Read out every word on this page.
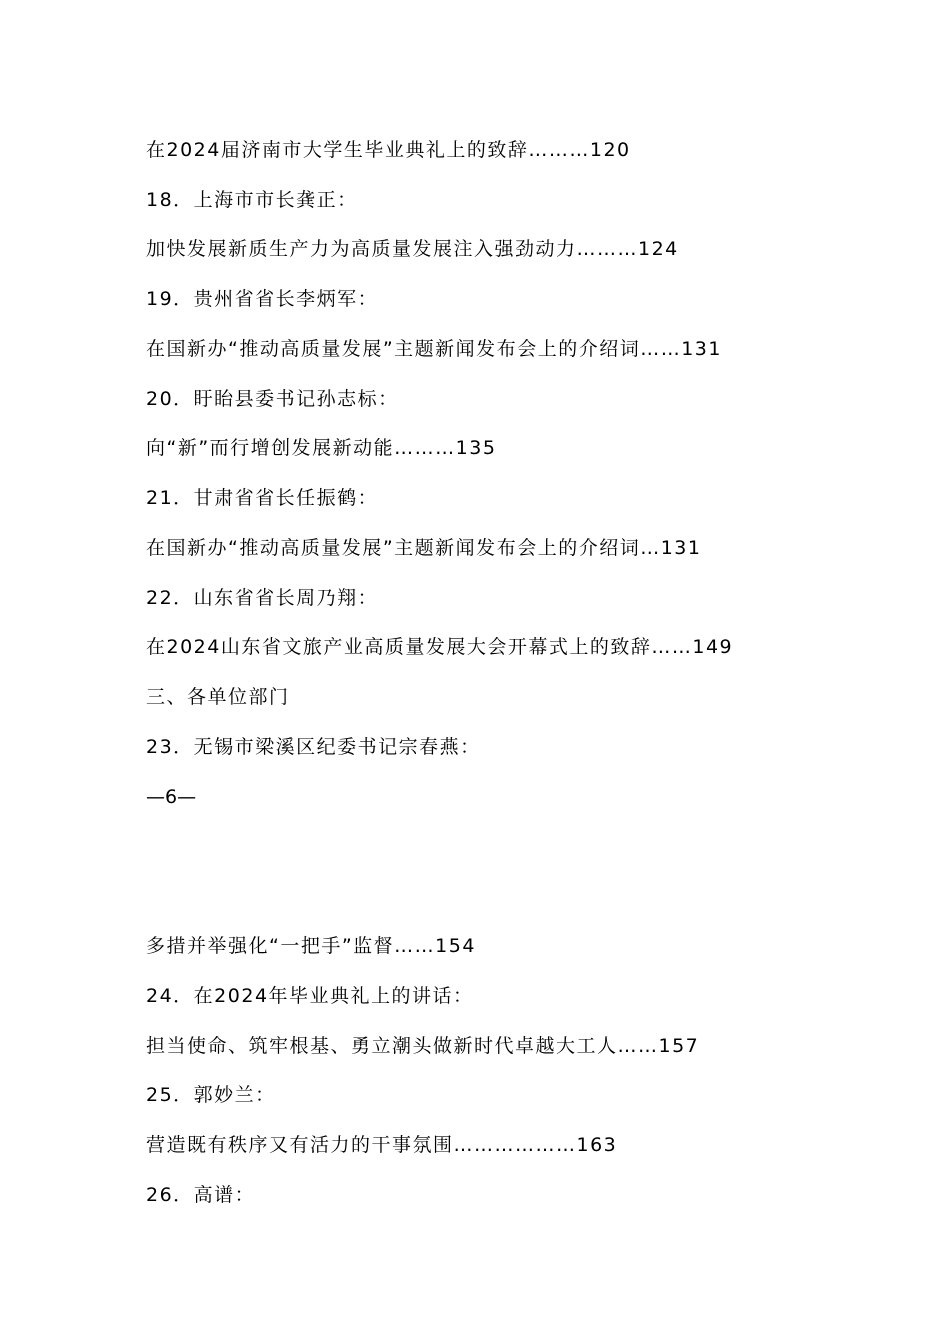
在2024届济南市大学生毕业典礼上的致辞………120
18．上海市市长龚正：
加快发展新质生产力为高质量发展注入强劲动力………124
19．贵州省省长李炳军：
在国新办“推动高质量发展”主题新闻发布会上的介绍词……131
20．盱眙县委书记孙志标：
向“新”而行增创发展新动能………135
21．甘肃省省长任振鹤：
在国新办“推动高质量发展”主题新闻发布会上的介绍词…131
22．山东省省长周乃翔：
在2024山东省文旅产业高质量发展大会开幕式上的致辞……149
三、各单位部门
23．无锡市梁溪区纪委书记宗春燕：
—6—
多措并举强化“一把手”监督……154
24．在2024年毕业典礼上的讲话：
担当使命、筑牢根基、勇立潮头做新时代卓越大工人……157
25．郭妙兰：
营造既有秩序又有活力的干事氛围………………163
26．高谱：
